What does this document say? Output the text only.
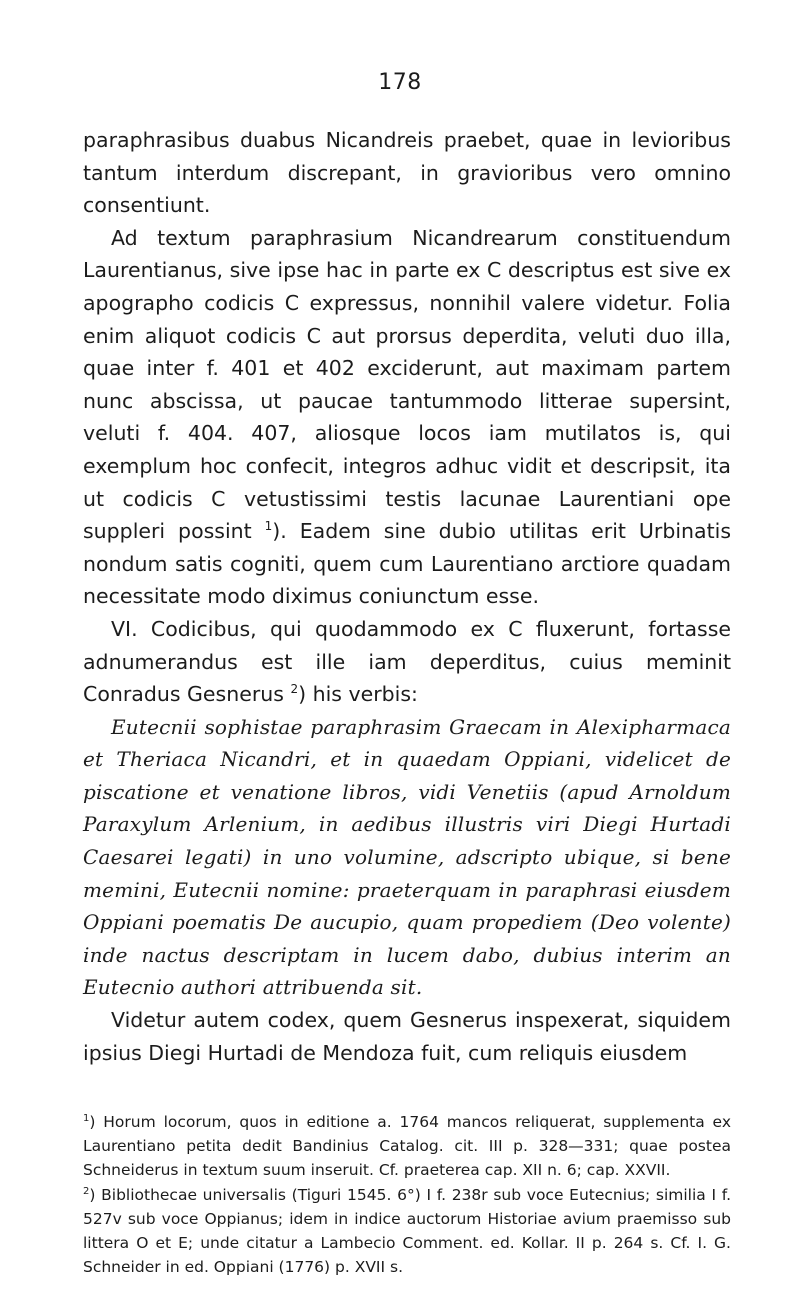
178

paraphrasibus duabus Nicandreis praebet, quae in levioribus tantum interdum discrepant, in gravioribus vero omnino consentiunt.

Ad textum paraphrasium Nicandrearum constituendum Laurentianus, sive ipse hac in parte ex C descriptus est sive ex apographo codicis C expressus, nonnihil valere videtur. Folia enim aliquot codicis C aut prorsus deperdita, veluti duo illa, quae inter f. 401 et 402 exciderunt, aut maximam partem nunc abscissa, ut paucae tantummodo litterae supersint, veluti f. 404. 407, aliosque locos iam mutilatos is, qui exemplum hoc confecit, integros adhuc vidit et descripsit, ita ut codicis C vetustissimi testis lacunae Laurentiani ope suppleri possint $^1$). Eadem sine dubio utilitas erit Urbinatis nondum satis cogniti, quem cum Laurentiano arctiore quadam necessitate modo diximus coniunctum esse.

VI. Codicibus, qui quodammodo ex C fluxerunt, fortasse adnumerandus est ille iam deperditus, cuius meminit Conradus Gesnerus $^2$) his verbis:

Eutecnii sophistae paraphrasim Graecam in Alexipharmaca et Theriaca Nicandri, et in quaedam Oppiani, videlicet de piscatione et venatione libros, vidi Venetiis (apud Arnoldum Paraxylum Arlenium, in aedibus illustris viri Diegi Hurtadi Caesarei legati) in uno volumine, adscripto ubique, si bene memini, Eutecnii nomine: praeterquam in paraphrasi eiusdem Oppiani poematis De aucupio, quam propediem (Deo volente) inde nactus descriptam in lucem dabo, dubius interim an Eutecnio authori attribuenda sit.

Videtur autem codex, quem Gesnerus inspexerat, siquidem ipsius Diegi Hurtadi de Mendoza fuit, cum reliquis eiusdem

$^1$) Horum locorum, quos in editione a. 1764 mancos reliquerat, supplementa ex Laurentiano petita dedit Bandinius Catalog. cit. III p. 328—331; quae postea Schneiderus in textum suum inseruit. Cf. praeterea cap. XII n. 6; cap. XXVII.

$^2$) Bibliothecae universalis (Tiguri 1545. 6°) I f. 238r sub voce Eutecnius; similia I f. 527v sub voce Oppianus; idem in indice auctorum Historiae avium praemisso sub littera O et E; unde citatur a Lambecio Comment. ed. Kollar. II p. 264 s. Cf. I. G. Schneider in ed. Oppiani (1776) p. XVII s.
